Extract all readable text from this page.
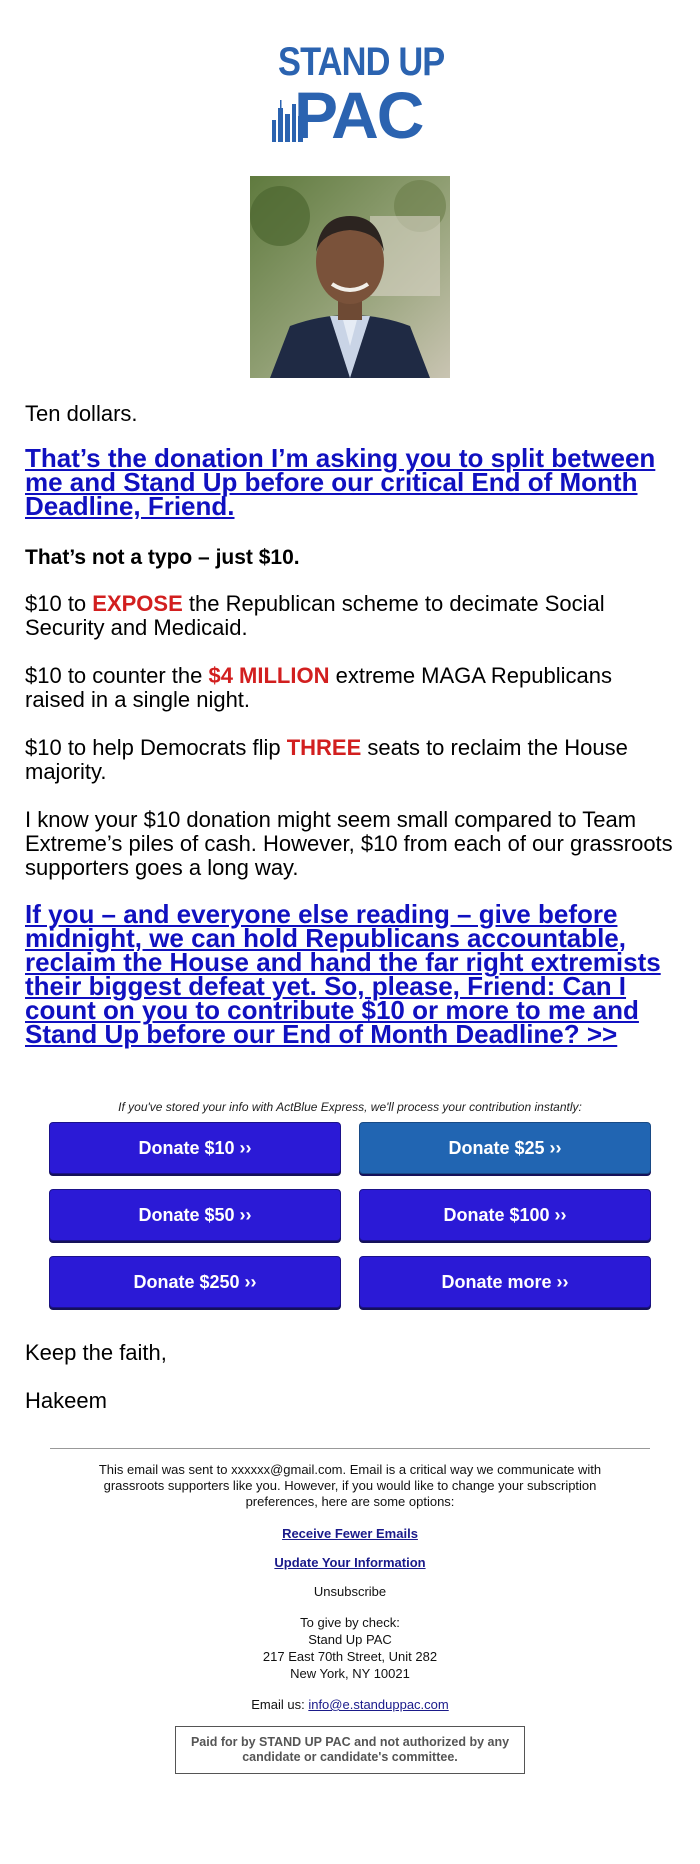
STAND UP
PAC

Ten dollars.

That’s the donation I’m asking you to split between me and Stand Up before our critical End of Month Deadline, Friend.

That’s not a typo – just $10.

$10 to EXPOSE the Republican scheme to decimate Social Security and Medicaid.

$10 to counter the $4 MILLION extreme MAGA Republicans raised in a single night.

$10 to help Democrats flip THREE seats to reclaim the House majority.

I know your $10 donation might seem small compared to Team Extreme’s piles of cash. However, $10 from each of our grassroots supporters goes a long way.

If you – and everyone else reading – give before midnight, we can hold Republicans accountable, reclaim the House and hand the far right extremists their biggest defeat yet. So, please, Friend: Can I count on you to contribute $10 or more to me and Stand Up before our End of Month Deadline? >>
If you've stored your info with ActBlue Express, we'll process your contribution instantly:
Donate $10 ››	Donate $25 ››
Donate $50 ››	Donate $100 ››
Donate $250 ››	Donate more ››
Keep the faith,
Hakeem
This email was sent to xxxxxx@gmail.com. Email is a critical way we communicate with grassroots supporters like you. However, if you would like to change your subscription preferences, here are some options:
Receive Fewer Emails
Update Your Information
Unsubscribe
To give by check:
Stand Up PAC
217 East 70th Street, Unit 282
New York, NY 10021
Email us: info@e.standuppac.com
Paid for by STAND UP PAC and not authorized by any candidate or candidate's committee.
